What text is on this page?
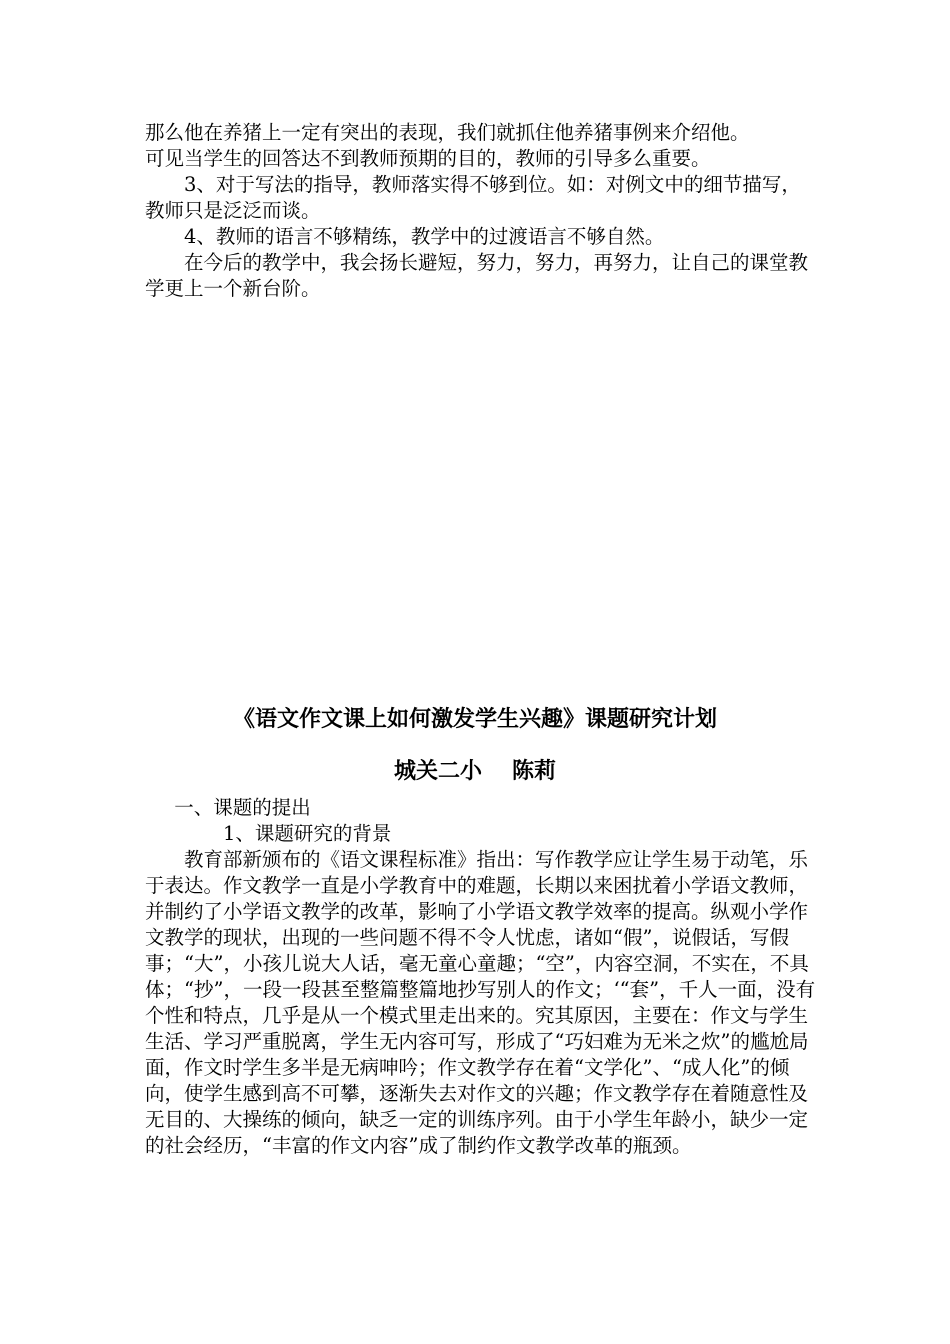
那么他在养猪上一定有突出的表现，我们就抓住他养猪事例来介绍他。

可见当学生的回答达不到教师预期的目的，教师的引导多么重要。

3、对于写法的指导，教师落实得不够到位。如：对例文中的细节描写，教师只是泛泛而谈。

4、教师的语言不够精练，教学中的过渡语言不够自然。

在今后的教学中，我会扬长避短，努力，努力，再努力，让自己的课堂教学更上一个新台阶。

《语文作文课上如何激发学生兴趣》课题研究计划
城关二小 陈莉

一、课题的提出

1、课题研究的背景

教育部新颁布的《语文课程标准》指出：写作教学应让学生易于动笔，乐于表达。作文教学一直是小学教育中的难题，长期以来困扰着小学语文教师，并制约了小学语文教学的改革，影响了小学语文教学效率的提高。纵观小学作文教学的现状，出现的一些问题不得不令人忧虑，诸如“假”，说假话，写假事；“大”，小孩儿说大人话，毫无童心童趣；“空”，内容空洞，不实在，不具体；“抄”，一段一段甚至整篇整篇地抄写别人的作文；‘“套”，千人一面，没有个性和特点，几乎是从一个模式里走出来的。究其原因，主要在：作文与学生生活、学习严重脱离，学生无内容可写，形成了“巧妇难为无米之炊”的尴尬局面，作文时学生多半是无病呻吟；作文教学存在着“文学化”、“成人化”的倾向，使学生感到高不可攀，逐渐失去对作文的兴趣；作文教学存在着随意性及无目的、大操练的倾向，缺乏一定的训练序列。由于小学生年龄小，缺少一定的社会经历，“丰富的作文内容”成了制约作文教学改革的瓶颈。
